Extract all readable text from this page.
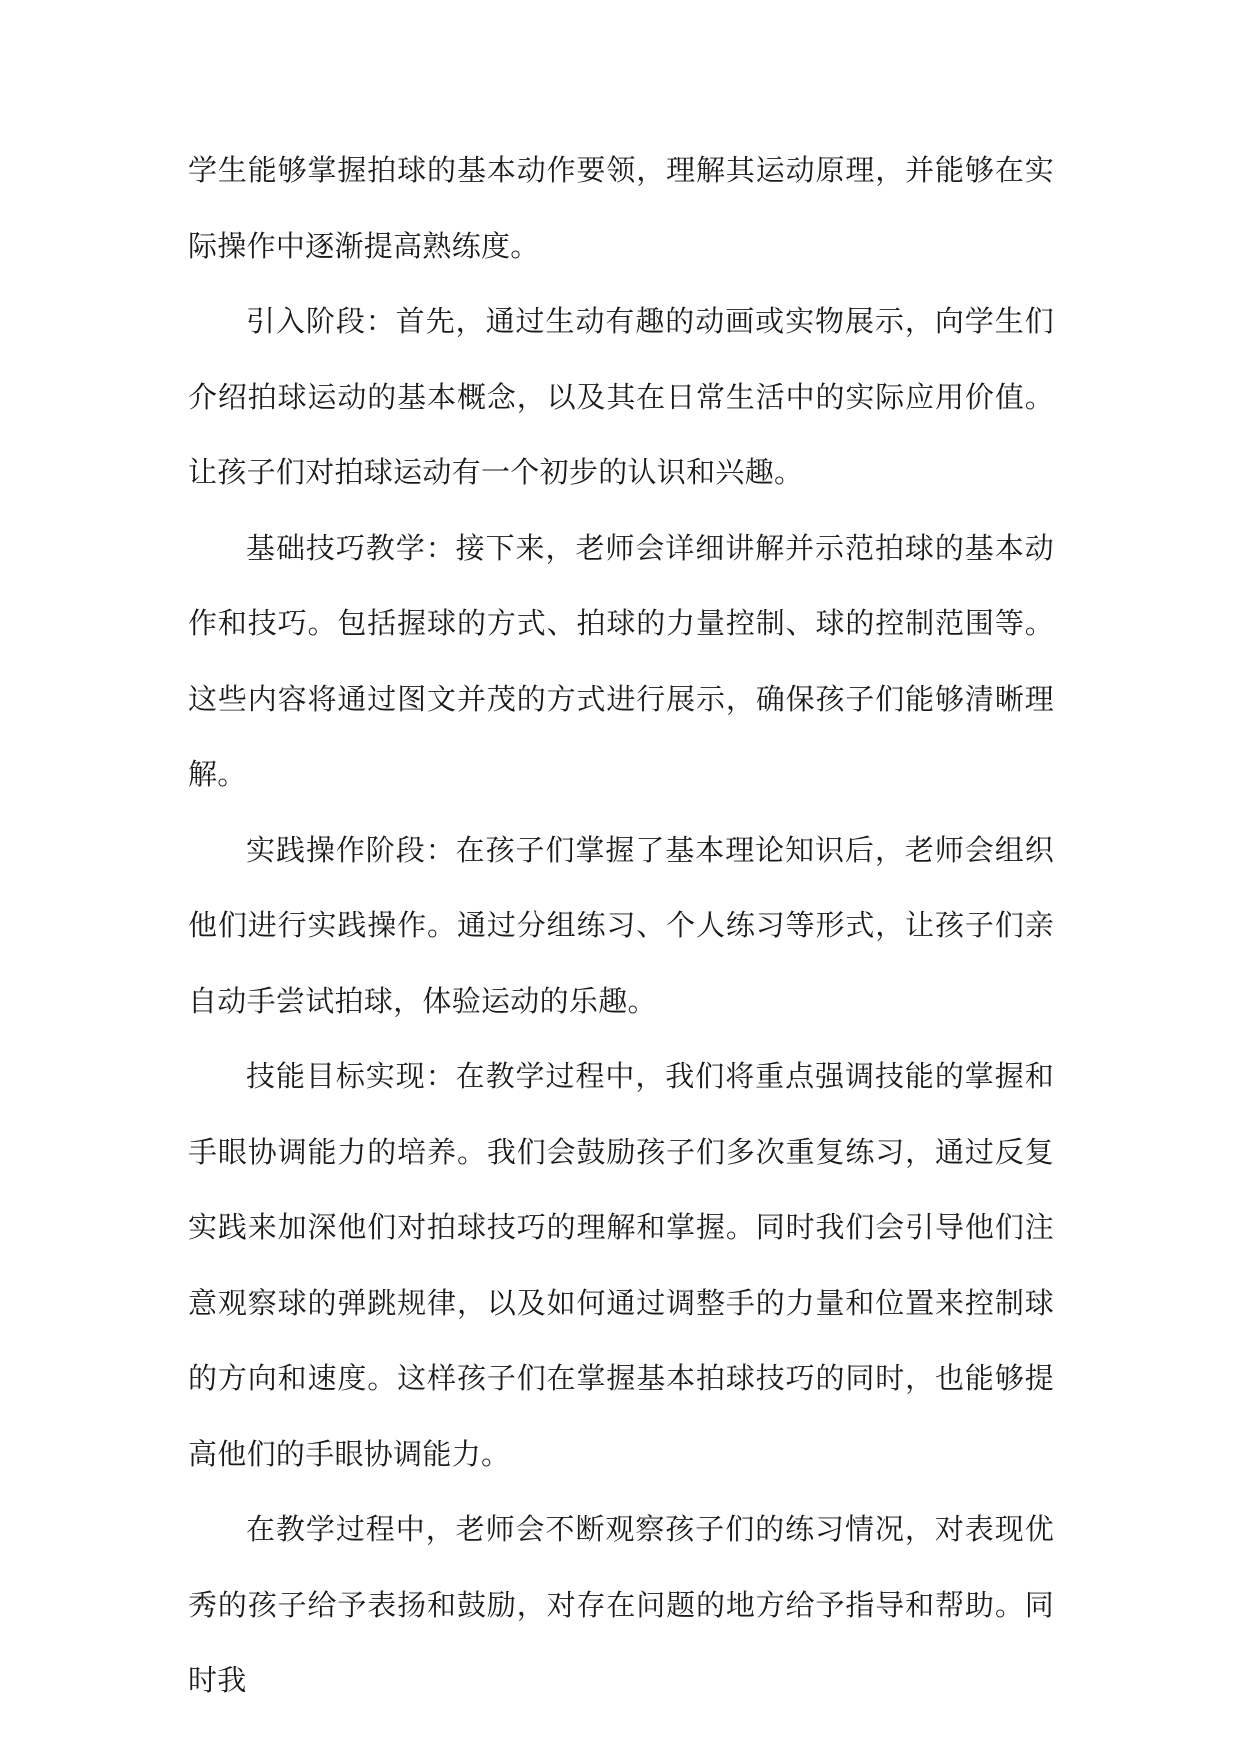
学生能够掌握拍球的基本动作要领，理解其运动原理，并能够在实际操作中逐渐提高熟练度。

引入阶段：首先，通过生动有趣的动画或实物展示，向学生们介绍拍球运动的基本概念，以及其在日常生活中的实际应用价值。让孩子们对拍球运动有一个初步的认识和兴趣。

基础技巧教学：接下来，老师会详细讲解并示范拍球的基本动作和技巧。包括握球的方式、拍球的力量控制、球的控制范围等。这些内容将通过图文并茂的方式进行展示，确保孩子们能够清晰理解。

实践操作阶段：在孩子们掌握了基本理论知识后，老师会组织他们进行实践操作。通过分组练习、个人练习等形式，让孩子们亲自动手尝试拍球，体验运动的乐趣。

技能目标实现：在教学过程中，我们将重点强调技能的掌握和手眼协调能力的培养。我们会鼓励孩子们多次重复练习，通过反复实践来加深他们对拍球技巧的理解和掌握。同时我们会引导他们注意观察球的弹跳规律，以及如何通过调整手的力量和位置来控制球的方向和速度。这样孩子们在掌握基本拍球技巧的同时，也能够提高他们的手眼协调能力。

在教学过程中，老师会不断观察孩子们的练习情况，对表现优秀的孩子给予表扬和鼓励，对存在问题的地方给予指导和帮助。同时我
